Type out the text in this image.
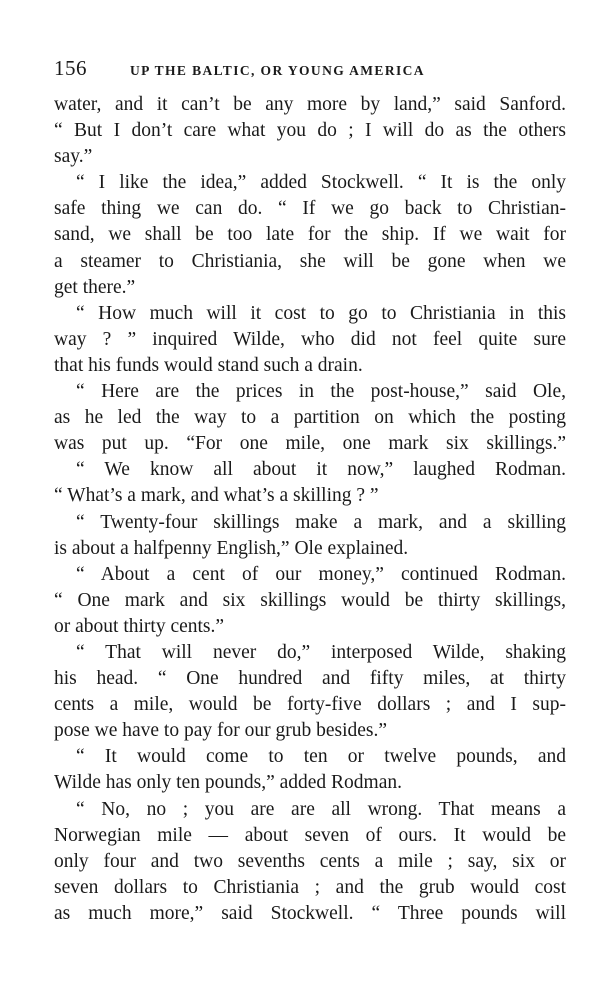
156	UP THE BALTIC, OR YOUNG AMERICA
water, and it can’t be any more by land,” said Sanford.
“ But I don’t care what you do ; I will do as the others
say.”
“ I like the idea,” added Stockwell. “ It is the only
safe thing we can do. “ If we go back to Christian-
sand, we shall be too late for the ship. If we wait for
a steamer to Christiania, she will be gone when we
get there.”
“ How much will it cost to go to Christiania in this
way ? ” inquired Wilde, who did not feel quite sure
that his funds would stand such a drain.
“ Here are the prices in the post-house,” said Ole,
as he led the way to a partition on which the posting
was put up. “For one mile, one mark six skillings.”
“ We know all about it now,” laughed Rodman.
“ What’s a mark, and what’s a skilling ? ”
“ Twenty-four skillings make a mark, and a skilling
is about a halfpenny English,” Ole explained.
“ About a cent of our money,” continued Rodman.
“ One mark and six skillings would be thirty skillings,
or about thirty cents.”
“ That will never do,” interposed Wilde, shaking
his head. “ One hundred and fifty miles, at thirty
cents a mile, would be forty-five dollars ; and I sup-
pose we have to pay for our grub besides.”
“ It would come to ten or twelve pounds, and
Wilde has only ten pounds,” added Rodman.
“ No, no ; you are are all wrong. That means a
Norwegian mile — about seven of ours. It would be
only four and two sevenths cents a mile ; say, six or
seven dollars to Christiania ; and the grub would cost
as much more,” said Stockwell. “ Three pounds will
